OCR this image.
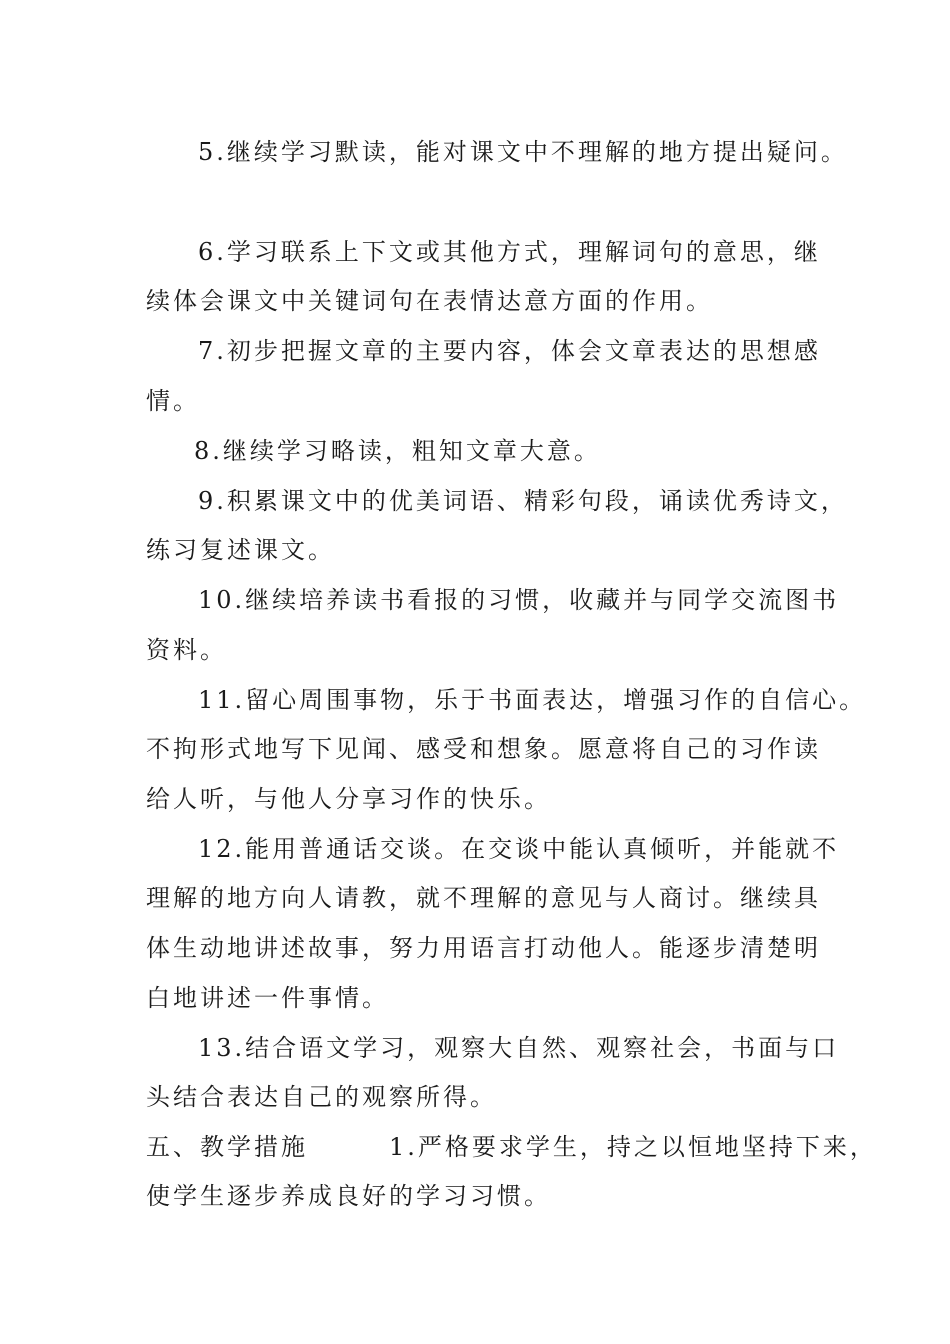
5.继续学习默读，能对课文中不理解的地方提出疑问。
6.学习联系上下文或其他方式，理解词句的意思，继
续体会课文中关键词句在表情达意方面的作用。
7.初步把握文章的主要内容，体会文章表达的思想感
情。
8.继续学习略读，粗知文章大意。
9.积累课文中的优美词语、精彩句段，诵读优秀诗文，
练习复述课文。
10.继续培养读书看报的习惯，收藏并与同学交流图书
资料。
11.留心周围事物，乐于书面表达，增强习作的自信心。
不拘形式地写下见闻、感受和想象。愿意将自己的习作读
给人听，与他人分享习作的快乐。
12.能用普通话交谈。在交谈中能认真倾听，并能就不
理解的地方向人请教，就不理解的意见与人商讨。继续具
体生动地讲述故事，努力用语言打动他人。能逐步清楚明
白地讲述一件事情。
13.结合语文学习，观察大自然、观察社会，书面与口
头结合表达自己的观察所得。
五、教学措施　　　1.严格要求学生，持之以恒地坚持下来，
使学生逐步养成良好的学习习惯。
